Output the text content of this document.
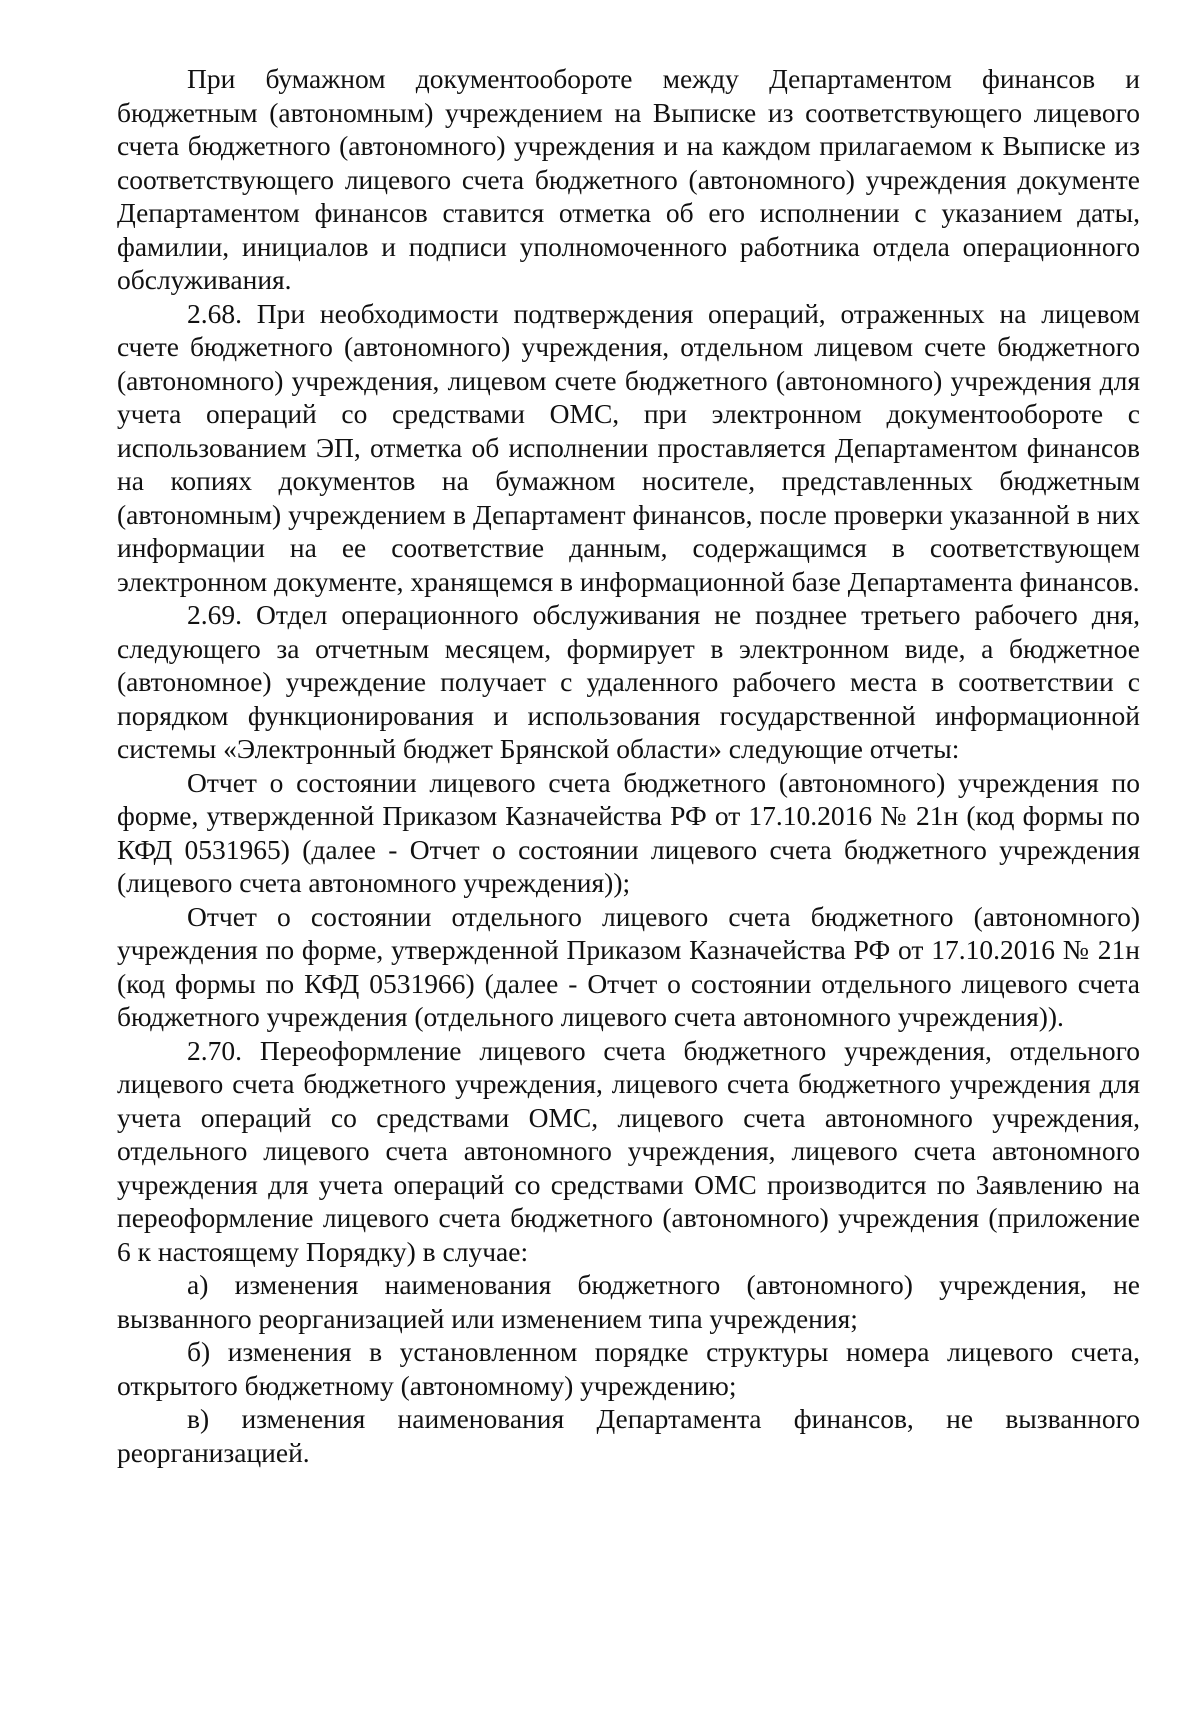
При бумажном документообороте между Департаментом финансов и бюджетным (автономным) учреждением на Выписке из соответствующего лицевого счета бюджетного (автономного) учреждения и на каждом прилагаемом к Выписке из соответствующего лицевого счета бюджетного (автономного) учреждения документе Департаментом финансов ставится отметка об его исполнении с указанием даты, фамилии, инициалов и подписи уполномоченного работника отдела операционного обслуживания.

2.68. При необходимости подтверждения операций, отраженных на лицевом счете бюджетного (автономного) учреждения, отдельном лицевом счете бюджетного (автономного) учреждения, лицевом счете бюджетного (автономного) учреждения для учета операций со средствами ОМС, при электронном документообороте с использованием ЭП, отметка об исполнении проставляется Департаментом финансов на копиях документов на бумажном носителе, представленных бюджетным (автономным) учреждением в Департамент финансов, после проверки указанной в них информации на ее соответствие данным, содержащимся в соответствующем электронном документе, хранящемся в информационной базе Департамента финансов.

2.69. Отдел операционного обслуживания не позднее третьего рабочего дня, следующего за отчетным месяцем, формирует в электронном виде, а бюджетное (автономное) учреждение получает с удаленного рабочего места в соответствии с порядком функционирования и использования государственной информационной системы «Электронный бюджет Брянской области» следующие отчеты:

Отчет о состоянии лицевого счета бюджетного (автономного) учреждения по форме, утвержденной Приказом Казначейства РФ от 17.10.2016 № 21н (код формы по КФД 0531965) (далее - Отчет о состоянии лицевого счета бюджетного учреждения (лицевого счета автономного учреждения));

Отчет о состоянии отдельного лицевого счета бюджетного (автономного) учреждения по форме, утвержденной Приказом Казначейства РФ от 17.10.2016 № 21н (код формы по КФД 0531966) (далее - Отчет о состоянии отдельного лицевого счета бюджетного учреждения (отдельного лицевого счета автономного учреждения)).

2.70. Переоформление лицевого счета бюджетного учреждения, отдельного лицевого счета бюджетного учреждения, лицевого счета бюджетного учреждения для учета операций со средствами ОМС, лицевого счета автономного учреждения, отдельного лицевого счета автономного учреждения, лицевого счета автономного учреждения для учета операций со средствами ОМС производится по Заявлению на переоформление лицевого счета бюджетного (автономного) учреждения (приложение 6 к настоящему Порядку) в случае:

а) изменения наименования бюджетного (автономного) учреждения, не вызванного реорганизацией или изменением типа учреждения;

б) изменения в установленном порядке структуры номера лицевого счета, открытого бюджетному (автономному) учреждению;

в) изменения наименования Департамента финансов, не вызванного реорганизацией.
